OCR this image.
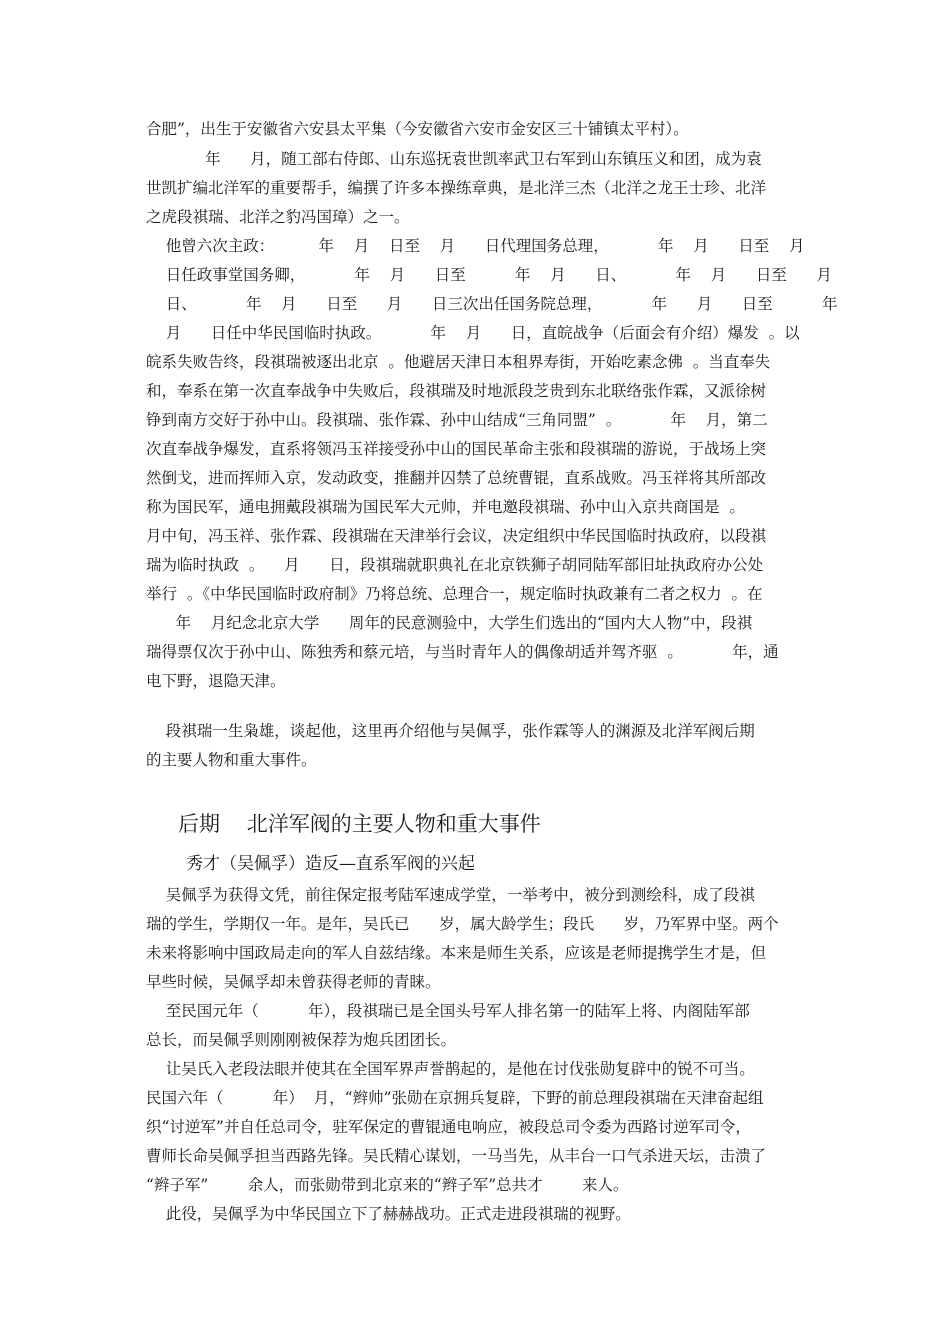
合肥”，出生于安徽省六安县太平集（今安徽省六安市金安区三十铺镇太平村）。
年      月，随工部右侍郎、山东巡抚袁世凯率武卫右军到山东镇压义和团，成为袁
世凯扩编北洋军的重要帮手，编撰了许多本操练章典，是北洋三杰（北洋之龙王士珍、北洋
之虎段祺瑞、北洋之豹冯国璋）之一。
他曾六次主政：         年    月    日至    月      日代理国务总理，          年    月      日至    月
日任政事堂国务卿，          年    月      日至          年    月      日、          年    月      日至      月
日、          年    月      日至      月      日三次出任国务院总理，          年      月      日至          年
月      日任中华民国临时执政。          年    月      日，直皖战争（后面会有介绍）爆发  。以
皖系失败告终，段祺瑞被逐出北京  。他避居天津日本租界寿街，开始吃素念佛  。当直奉失
和，奉系在第一次直奉战争中失败后，段祺瑞及时地派段芝贵到东北联络张作霖，又派徐树
铮到南方交好于孙中山。段祺瑞、张作霖、孙中山结成“三角同盟”  。          年    月，第二
次直奉战争爆发，直系将领冯玉祥接受孙中山的国民革命主张和段祺瑞的游说，于战场上突
然倒戈，进而挥师入京，发动政变，推翻并囚禁了总统曹锟，直系战败。冯玉祥将其所部改
称为国民军，通电拥戴段祺瑞为国民军大元帅，并电邀段祺瑞、孙中山入京共商国是  。
月中旬，冯玉祥、张作霖、段祺瑞在天津举行会议，决定组织中华民国临时执政府，以段祺
瑞为临时执政  。    月      日，段祺瑞就职典礼在北京铁狮子胡同陆军部旧址执政府办公处
举行  。《中华民国临时政府制》乃将总统、总理合一，规定临时执政兼有二者之权力  。在
年    月纪念北京大学      周年的民意测验中，大学生们选出的“国内大人物”中，段祺
瑞得票仅次于孙中山、陈独秀和蔡元培，与当时青年人的偶像胡适并驾齐驱  。          年，通
电下野，退隐天津。
段祺瑞一生枭雄，谈起他，这里再介绍他与吴佩孚，张作霖等人的渊源及北洋军阀后期
的主要人物和重大事件。
后期    北洋军阀的主要人物和重大事件
秀才（吴佩孚）造反—直系军阀的兴起
吴佩孚为获得文凭，前往保定报考陆军速成学堂，一举考中，被分到测绘科，成了段祺
瑞的学生，学期仅一年。是年，吴氏已      岁，属大龄学生；段氏      岁，乃军界中坚。两个
未来将影响中国政局走向的军人自兹结缘。本来是师生关系，应该是老师提携学生才是，但
早些时候，吴佩孚却未曾获得老师的青睐。
至民国元年（          年），段祺瑞已是全国头号军人排名第一的陆军上将、内阁陆军部
总长，而吴佩孚则刚刚被保荐为炮兵团团长。
让吴氏入老段法眼并使其在全国军界声誉鹊起的，是他在讨伐张勋复辟中的锐不可当。
民国六年（          年）  月，“辫帅”张勋在京拥兵复辟，下野的前总理段祺瑞在天津奋起组
织“讨逆军”并自任总司令，驻军保定的曹锟通电响应，被段总司令委为西路讨逆军司令，
曹师长命吴佩孚担当西路先锋。吴氏精心谋划，一马当先，从丰台一口气杀进天坛，击溃了
“辫子军”        余人，而张勋带到北京来的“辫子军”总共才        来人。
此役，吴佩孚为中华民国立下了赫赫战功。正式走进段祺瑞的视野。
